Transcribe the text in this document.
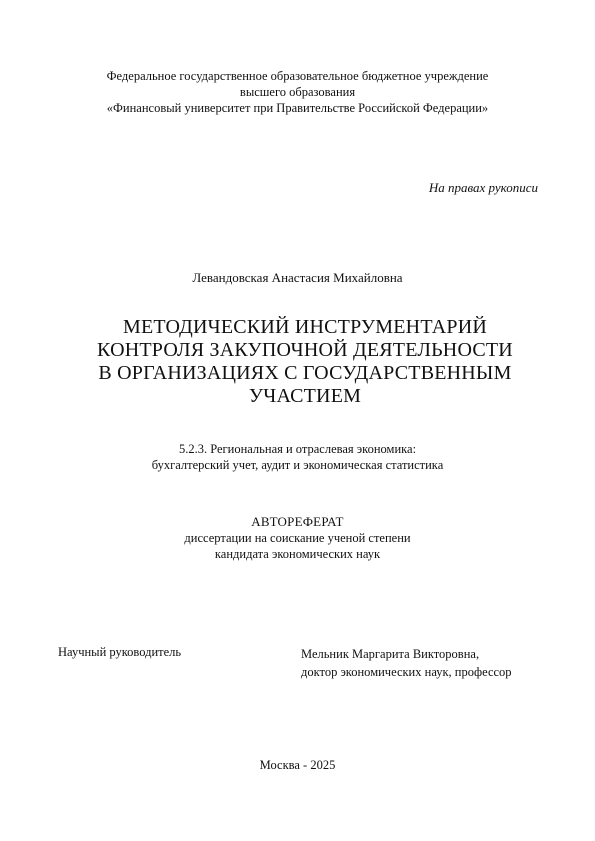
Федеральное государственное образовательное бюджетное учреждение
высшего образования
«Финансовый университет при Правительстве Российской Федерации»
На правах рукописи
Левандовская Анастасия Михайловна
МЕТОДИЧЕСКИЙ ИНСТРУМЕНТАРИЙ
КОНТРОЛЯ ЗАКУПОЧНОЙ ДЕЯТЕЛЬНОСТИ
В ОРГАНИЗАЦИЯХ С ГОСУДАРСТВЕННЫМ
УЧАСТИЕМ
5.2.3. Региональная и отраслевая экономика:
бухгалтерский учет, аудит и экономическая статистика
АВТОРЕФЕРАТ
диссертации на соискание ученой степени
кандидата экономических наук
Научный руководитель	Мельник Маргарита Викторовна,
доктор экономических наук, профессор
Москва - 2025
